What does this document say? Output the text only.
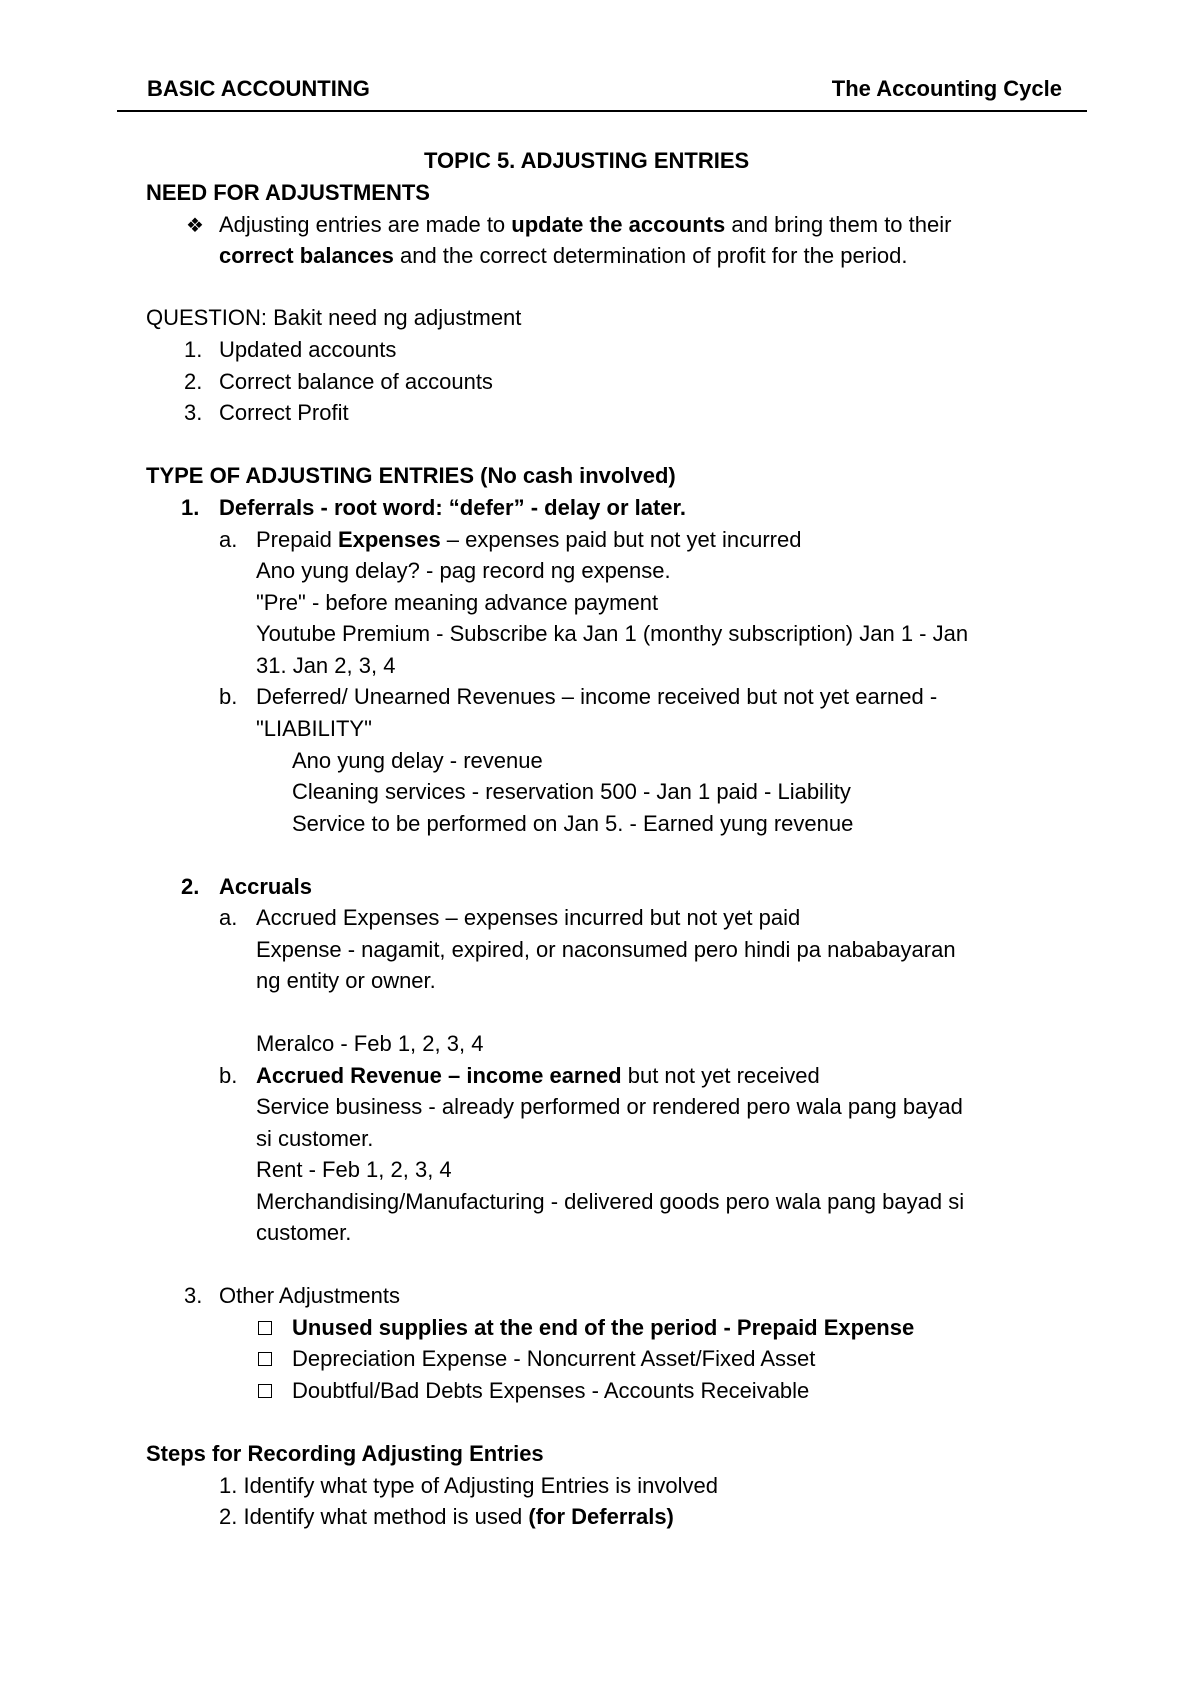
BASIC ACCOUNTING	The Accounting Cycle
TOPIC 5. ADJUSTING ENTRIES
NEED FOR ADJUSTMENTS
❖ Adjusting entries are made to update the accounts and bring them to their
correct balances and the correct determination of profit for the period.
QUESTION: Bakit need ng adjustment
1. Updated accounts
2. Correct balance of accounts
3. Correct Profit
TYPE OF ADJUSTING ENTRIES (No cash involved)
1. Deferrals - root word: “defer” - delay or later.
a. Prepaid Expenses – expenses paid but not yet incurred
Ano yung delay? - pag record ng expense.
"Pre" - before meaning advance payment
Youtube Premium - Subscribe ka Jan 1 (monthy subscription) Jan 1 - Jan
31. Jan 2, 3, 4
b. Deferred/ Unearned Revenues – income received but not yet earned -
"LIABILITY"
Ano yung delay - revenue
Cleaning services - reservation 500 - Jan 1 paid - Liability
Service to be performed on Jan 5. - Earned yung revenue
2. Accruals
a. Accrued Expenses – expenses incurred but not yet paid
Expense - nagamit, expired, or naconsumed pero hindi pa nababayaran
ng entity or owner.
Meralco - Feb 1, 2, 3, 4
b. Accrued Revenue – income earned but not yet received
Service business - already performed or rendered pero wala pang bayad
si customer.
Rent - Feb 1, 2, 3, 4
Merchandising/Manufacturing - delivered goods pero wala pang bayad si
customer.
3. Other Adjustments
Unused supplies at the end of the period - Prepaid Expense
Depreciation Expense - Noncurrent Asset/Fixed Asset
Doubtful/Bad Debts Expenses - Accounts Receivable
Steps for Recording Adjusting Entries
1. Identify what type of Adjusting Entries is involved
2. Identify what method is used (for Deferrals)
